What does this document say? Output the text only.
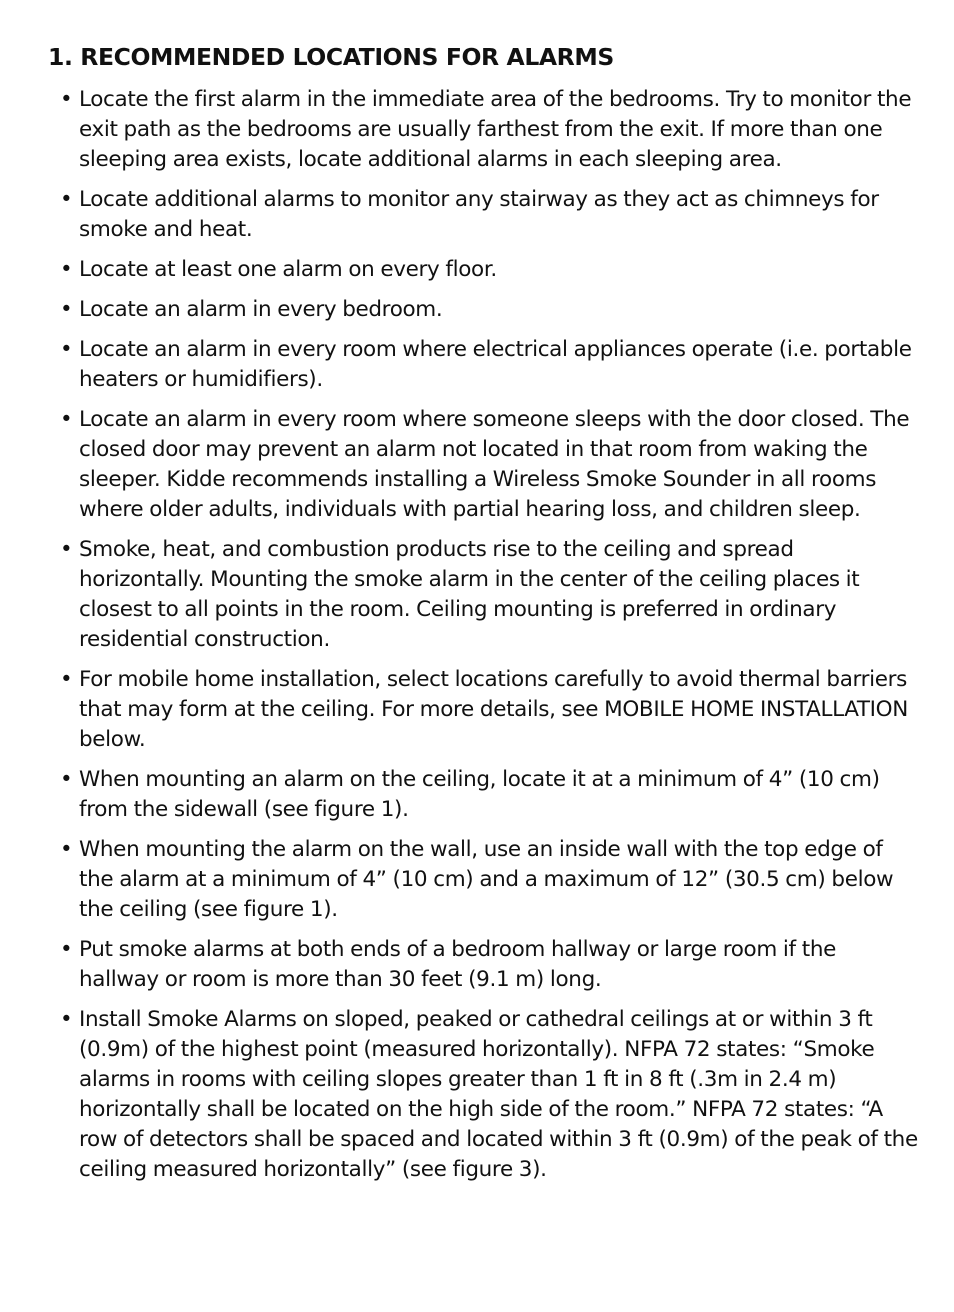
1. RECOMMENDED LOCATIONS FOR ALARMS
• Locate the first alarm in the immediate area of the bedrooms. Try to monitor the exit path as the bedrooms are usually farthest from the exit. If more than one sleeping area exists, locate additional alarms in each sleeping area.
• Locate additional alarms to monitor any stairway as they act as chimneys for smoke and heat.
• Locate at least one alarm on every floor.
• Locate an alarm in every bedroom.
• Locate an alarm in every room where electrical appliances operate (i.e. portable heaters or humidifiers).
• Locate an alarm in every room where someone sleeps with the door closed. The closed door may prevent an alarm not located in that room from waking the sleeper. Kidde recommends installing a Wireless Smoke Sounder in all rooms where older adults, individuals with partial hearing loss, and children sleep.
• Smoke, heat, and combustion products rise to the ceiling and spread horizontally. Mounting the smoke alarm in the center of the ceiling places it closest to all points in the room. Ceiling mounting is preferred in ordinary residential construction.
• For mobile home installation, select locations carefully to avoid thermal barriers that may form at the ceiling. For more details, see MOBILE HOME INSTALLATION below.
• When mounting an alarm on the ceiling, locate it at a minimum of 4” (10 cm) from the sidewall (see figure 1).
• When mounting the alarm on the wall, use an inside wall with the top edge of the alarm at a minimum of 4” (10 cm) and a maximum of 12” (30.5 cm) below the ceiling (see figure 1).
• Put smoke alarms at both ends of a bedroom hallway or large room if the hallway or room is more than 30 feet (9.1 m) long.
• Install Smoke Alarms on sloped, peaked or cathedral ceilings at or within 3 ft (0.9m) of the highest point (measured horizontally). NFPA 72 states: “Smoke alarms in rooms with ceiling slopes greater than 1 ft in 8 ft (.3m in 2.4 m) horizontally shall be located on the high side of the room.” NFPA 72 states: “A row of detectors shall be spaced and located within 3 ft (0.9m) of the peak of the ceiling measured horizontally” (see figure 3).
